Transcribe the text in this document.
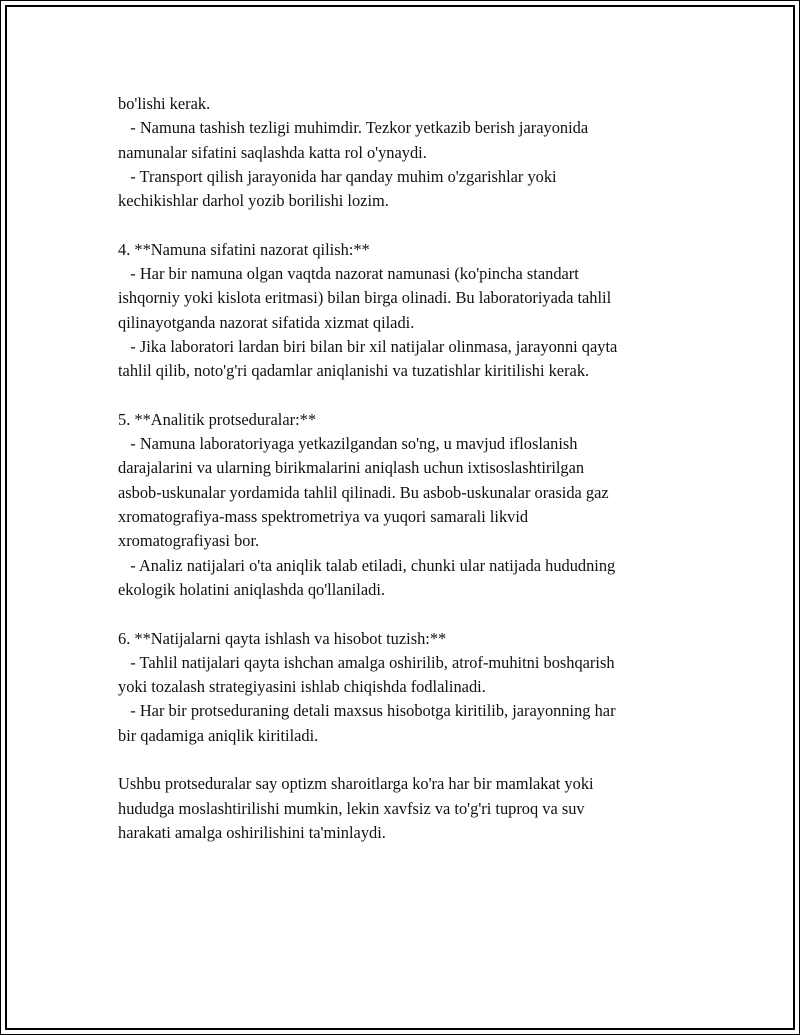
bo'lishi kerak.
- Namuna tashish tezligi muhimdir. Tezkor yetkazib berish jarayonida
namunalar sifatini saqlashda katta rol o'ynaydi.
- Transport qilish jarayonida har qanday muhim o'zgarishlar yoki
kechikishlar darhol yozib borilishi lozim.
4. **Namuna sifatini nazorat qilish:**
- Har bir namuna olgan vaqtda nazorat namunasi (ko'pincha standart
ishqorniy yoki kislota eritmasi) bilan birga olinadi. Bu laboratoriyada tahlil
qilinayotganda nazorat sifatida xizmat qiladi.
- Jika laboratori lardan biri bilan bir xil natijalar olinmasa, jarayonni qayta
tahlil qilib, noto'g'ri qadamlar aniqlanishi va tuzatishlar kiritilishi kerak.
5. **Analitik protseduralar:**
- Namuna laboratoriyaga yetkazilgandan so'ng, u mavjud ifloslanish
darajalarini va ularning birikmalarini aniqlash uchun ixtisoslashtirilgan
asbob-uskunalar yordamida tahlil qilinadi. Bu asbob-uskunalar orasida gaz
xromatografiya-mass spektrometriya va yuqori samarali likvid
xromatografiyasi bor.
- Analiz natijalari o'ta aniqlik talab etiladi, chunki ular natijada hududning
ekologik holatini aniqlashda qo'llaniladi.
6. **Natijalarni qayta ishlash va hisobot tuzish:**
- Tahlil natijalari qayta ishchan amalga oshirilib, atrof-muhitni boshqarish
yoki tozalash strategiyasini ishlab chiqishda fodlalinadi.
- Har bir protseduraning detali maxsus hisobotga kiritilib, jarayonning har
bir qadamiga aniqlik kiritiladi.
Ushbu protseduralar say optizm sharoitlarga ko'ra har bir mamlakat yoki
hududga moslashtirilishi mumkin, lekin xavfsiz va to'g'ri tuproq va suv
harakati amalga oshirilishini ta'minlaydi.
